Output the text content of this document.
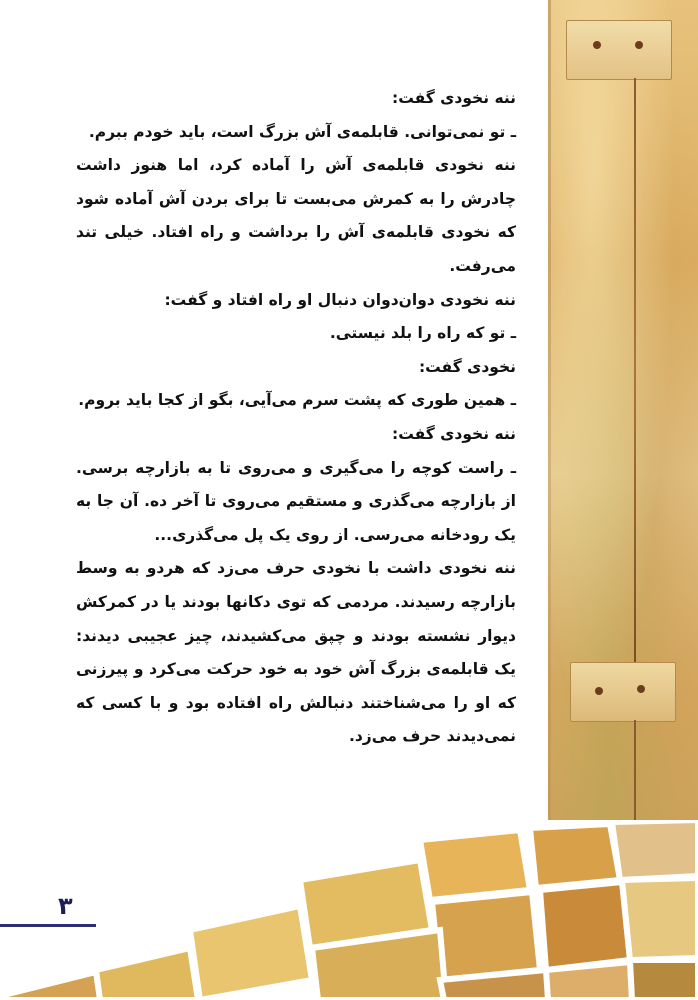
ننه نخودی گفت:

ـ تو نمی‌توانی. قابلمه‌ی آش بزرگ است، باید خودم ببرم.

ننه نخودی قابلمه‌ی آش را آماده کرد، اما هنوز داشت چادرش را به کمرش می‌بست تا برای بردن آش آماده شود که نخودی قابلمه‌ی آش را برداشت و راه افتاد. خیلی تند می‌رفت.

ننه نخودی دوان‌دوان دنبال او راه افتاد و گفت:

ـ تو که راه را بلد نیستی.

نخودی گفت:

ـ همین طوری که پشت سرم می‌آیی، بگو از کجا باید بروم.

ننه نخودی گفت:

ـ راست کوچه را می‌گیری و می‌روی تا به بازارچه برسی. از بازارچه می‌گذری و مستقیم می‌روی تا آخر ده. آن جا به یک رودخانه می‌رسی. از روی یک پل می‌گذری...

ننه نخودی داشت با نخودی حرف می‌زد که هردو به وسط بازارچه رسیدند. مردمی که توی دکانها بودند یا در کمرکش دیوار نشسته بودند و چپق می‌کشیدند، چیز عجیبی دیدند: یک قابلمه‌ی بزرگ آش خود به خود حرکت می‌کرد و پیرزنی که او را می‌شناختند دنبالش راه افتاده بود و با کسی که نمی‌دیدند حرف می‌زد.

۳
